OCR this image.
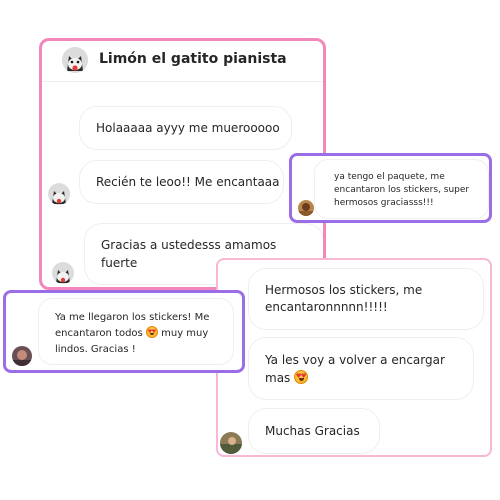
Limón el gatito pianista
Holaaaaa ayyy me muerooooo
Recién te leoo!! Me encantaaa
Gracias a ustedesss amamos fuerte
Hermosos los stickers, me encantaronnnnn!!!!!
Ya les voy a volver a encargar mas
Muchas Gracias
ya tengo el paquete, me encantaron los stickers, super hermosos graciasss!!!
Ya me llegaron los stickers! Me encantaron todos muy muy lindos. Gracias !
